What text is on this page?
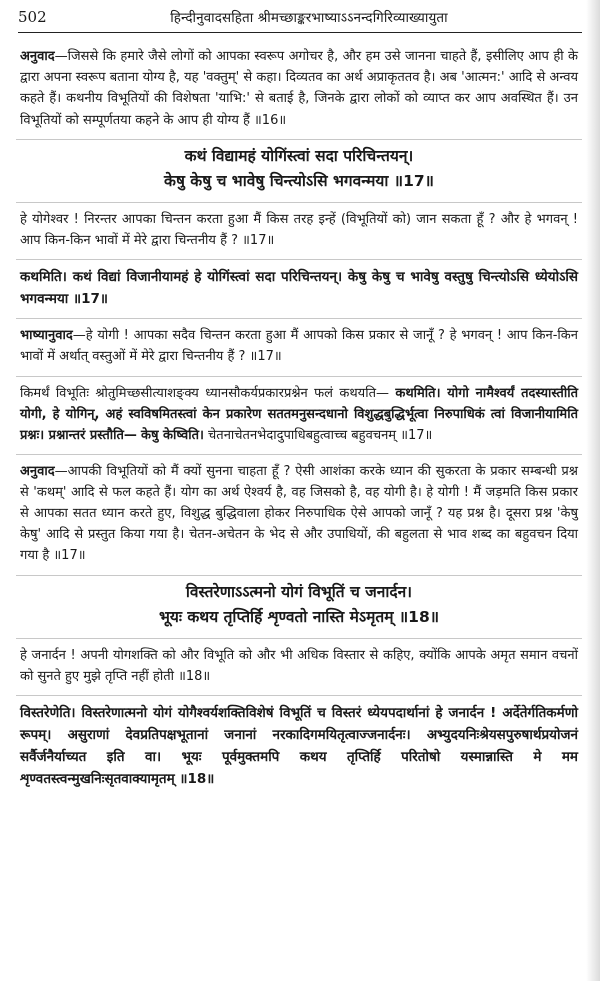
502	हिन्दीनुवादसहिता श्रीमच्छाङ्करभाष्याऽऽनन्दगिरिव्याख्यायुता

अनुवाद—जिससे कि हमारे जैसे लोगों को आपका स्वरूप अगोचर है, और हम उसे जानना चाहते हैं, इसीलिए आप ही के द्वारा अपना स्वरूप बताना योग्य है, यह 'वक्तुम्' से कहा। दिव्यतव का अर्थ अप्राकृततव है। अब 'आत्मन:' आदि से अन्वय कहते हैं। कथनीय विभूतियों की विशेषता 'याभि:' से बताई है, जिनके द्वारा लोकों को व्याप्त कर आप अवस्थित हैं। उन विभूतियों को सम्पूर्णतया कहने के आप ही योग्य हैं ॥16॥

कथं विद्यामहं योगिंस्त्वां सदा परिचिन्तयन्।
केषु केषु च भावेषु चिन्त्योऽसि भगवन्मया ॥17॥

हे योगेश्वर ! निरन्तर आपका चिन्तन करता हुआ मैं किस तरह इन्हें (विभूतियों को) जान सकता हूँ ? और हे भगवन् ! आप किन-किन भावों में मेरे द्वारा चिन्तनीय हैं ? ॥17॥

कथमिति। कथं विद्यां विजानीयामहं हे योगिंस्त्वां सदा परिचिन्तयन्। केषु केषु च भावेषु वस्तुषु चिन्त्योऽसि ध्येयोऽसि भगवन्मया ॥17॥

भाष्यानुवाद—हे योगी ! आपका सदैव चिन्तन करता हुआ मैं आपको किस प्रकार से जानूँ ? हे भगवन् ! आप किन-किन भावों में अर्थात् वस्तुओं में मेरे द्वारा चिन्तनीय हैं ? ॥17॥

किमर्थं विभूतिः श्रोतुमिच्छसीत्याशङ्क्य ध्यानसौकर्यप्रकारप्रश्नेन फलं कथयति— कथमिति। योगो नामैश्वर्यं तदस्यास्तीति योगी, हे योगिन्, अहं स्वविषमितस्त्वां केन प्रकारेण सततमनुसन्दधानो विशुद्धबुद्धिर्भूत्वा निरुपाधिकं त्वां विजानीयामिति प्रश्नः। प्रश्नान्तरं प्रस्तौति— केषु केष्विति। चेतनाचेतनभेदादुपाधिबहुत्वाच्च बहुवचनम् ॥17॥

अनुवाद—आपकी विभूतियों को मैं क्यों सुनना चाहता हूँ ? ऐसी आशंका करके ध्यान की सुकरता के प्रकार सम्बन्धी प्रश्न से 'कथम्' आदि से फल कहते हैं। योग का अर्थ ऐश्वर्य है, वह जिसको है, वह योगी है। हे योगी ! मैं जड़मति किस प्रकार से आपका सतत ध्यान करते हुए, विशुद्ध बुद्धिवाला होकर निरुपाधिक ऐसे आपको जानूँ ? यह प्रश्न है। दूसरा प्रश्न 'केषु केषु' आदि से प्रस्तुत किया गया है। चेतन-अचेतन के भेद से और उपाधियों, की बहुलता से भाव शब्द का बहुवचन दिया गया है ॥17॥

विस्तरेणाऽऽत्मनो योगं विभूतिं च जनार्दन।
भूयः कथय तृप्तिर्हि शृण्वतो नास्ति मेऽमृतम् ॥18॥

हे जनार्दन ! अपनी योगशक्ति को और विभूति को और भी अधिक विस्तार से कहिए, क्योंकि आपके अमृत समान वचनों को सुनते हुए मुझे तृप्ति नहीं होती ॥18॥

विस्तरेणेति। विस्तरेणात्मनो योगं योगैश्वर्यशक्तिविशेषं विभूतिं च विस्तरं ध्येयपदार्थानां हे जनार्दन ! अर्देतेर्गतिकर्मणो रूपम्। असुराणां देवप्रतिपक्षभूतानां जनानां नरकादिगमयितृत्वाज्जनार्दनः। अभ्युदयनिःश्रेयसपुरुषार्थप्रयोजनं सर्वैर्जनैर्याच्यत इति वा। भूयः पूर्वमुक्तमपि कथय तृप्तिर्हि परितोषो यस्मान्नास्ति मे मम शृण्वतस्त्वन्मुखनिःसृतवाक्यामृतम् ॥18॥
